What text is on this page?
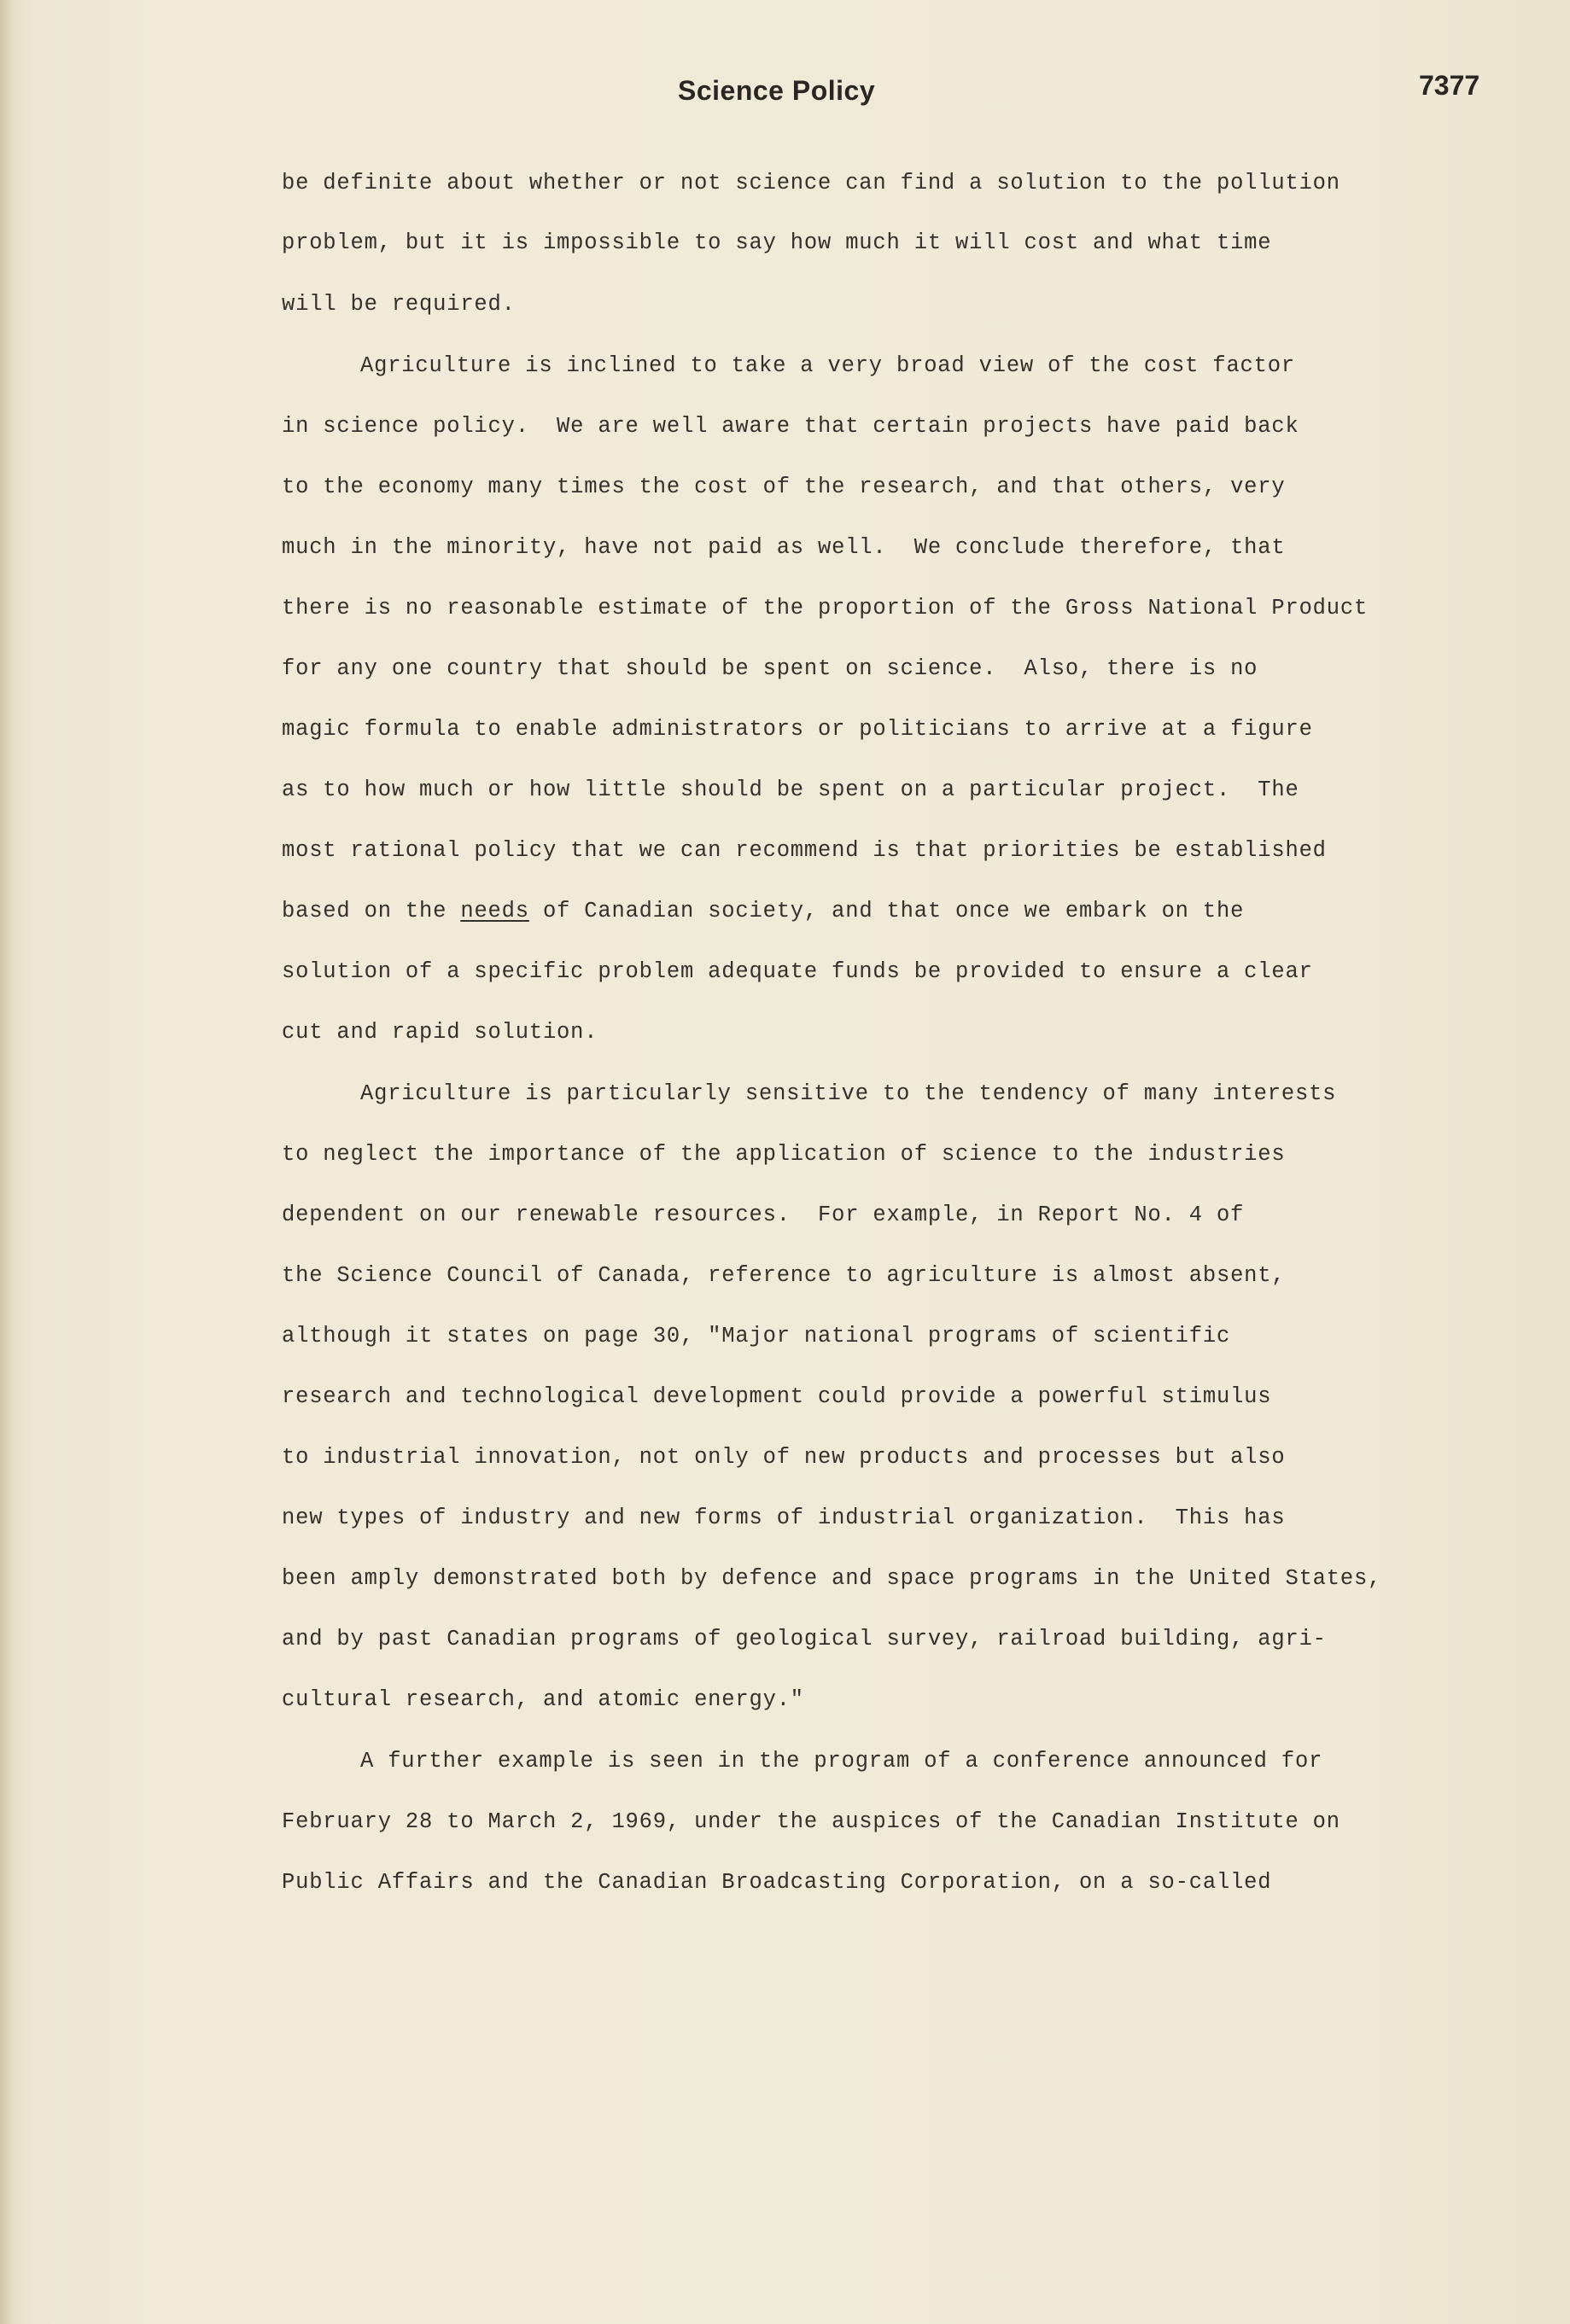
Science Policy	7377
be definite about whether or not science can find a solution to the pollution
problem, but it is impossible to say how much it will cost and what time
will be required.
Agriculture is inclined to take a very broad view of the cost factor
in science policy.  We are well aware that certain projects have paid back
to the economy many times the cost of the research, and that others, very
much in the minority, have not paid as well.  We conclude therefore, that
there is no reasonable estimate of the proportion of the Gross National Product
for any one country that should be spent on science.  Also, there is no
magic formula to enable administrators or politicians to arrive at a figure
as to how much or how little should be spent on a particular project.  The
most rational policy that we can recommend is that priorities be established
based on the needs of Canadian society, and that once we embark on the
solution of a specific problem adequate funds be provided to ensure a clear
cut and rapid solution.
Agriculture is particularly sensitive to the tendency of many interests
to neglect the importance of the application of science to the industries
dependent on our renewable resources.  For example, in Report No. 4 of
the Science Council of Canada, reference to agriculture is almost absent,
although it states on page 30, "Major national programs of scientific
research and technological development could provide a powerful stimulus
to industrial innovation, not only of new products and processes but also
new types of industry and new forms of industrial organization.  This has
been amply demonstrated both by defence and space programs in the United States,
and by past Canadian programs of geological survey, railroad building, agri-
cultural research, and atomic energy."
A further example is seen in the program of a conference announced for
February 28 to March 2, 1969, under the auspices of the Canadian Institute on
Public Affairs and the Canadian Broadcasting Corporation, on a so-called
